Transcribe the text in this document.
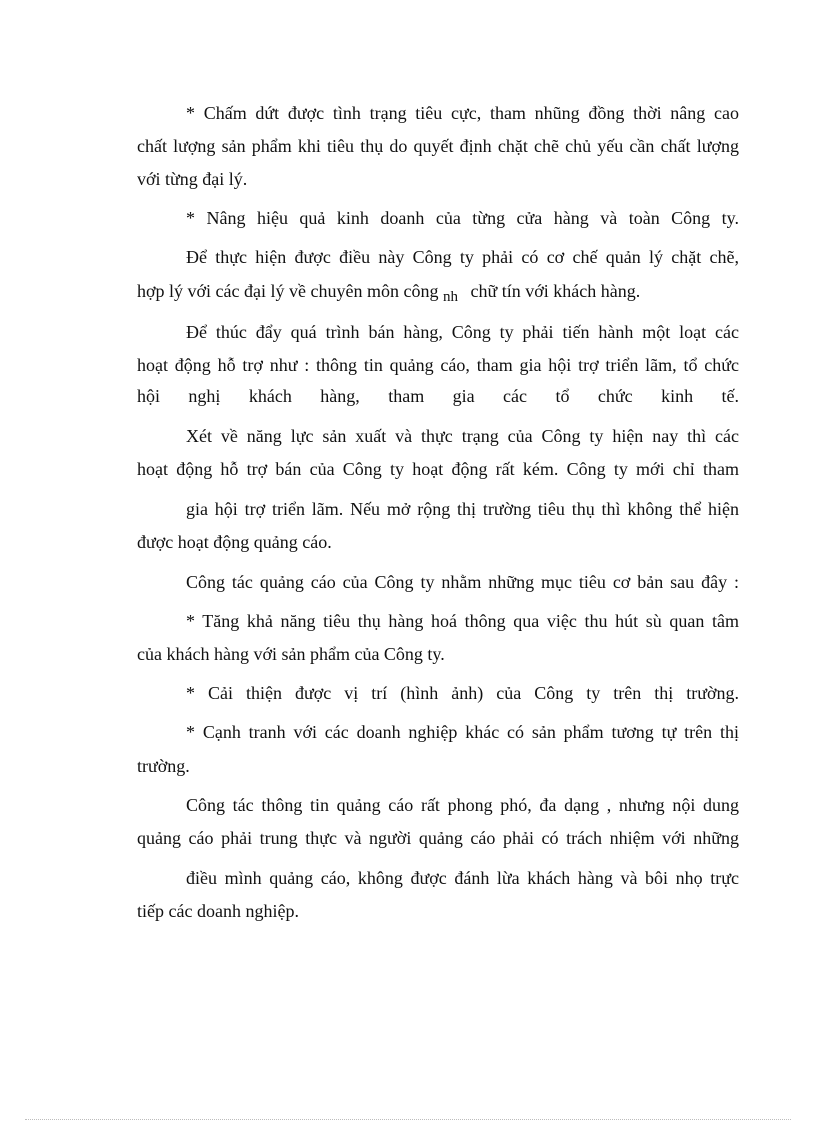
* Chấm dứt được tình trạng tiêu cực, tham nhũng đồng thời nâng cao

chất lượng sản phẩm khi tiêu thụ do quyết định chặt chẽ chủ yếu cần chất lượng với từng đại lý.

* Nâng hiệu quả kinh doanh của từng cửa hàng và toàn Công ty.

Để thực hiện được điều này Công ty phải có cơ chế quản lý chặt chẽ,

hợp lý với các đại lý về chuyên môn công $_{nh}$ chữ tín với khách hàng.

Để thúc đẩy quá trình bán hàng, Công ty phải tiến hành một loạt các

hoạt động hỗ trợ như : thông tin quảng cáo, tham gia hội trợ triển lãm, tổ chức

hội nghị khách hàng, tham gia các tổ chức kinh tế.

Xét về năng lực sản xuất và thực trạng của Công ty hiện nay thì các

hoạt động hỗ trợ bán của Công ty hoạt động rất kém. Công ty mới chỉ tham

gia hội trợ triển lãm. Nếu mở rộng thị trường tiêu thụ thì không thể hiện

được hoạt động quảng cáo.

Công tác quảng cáo của Công ty nhằm những mục tiêu cơ bản sau đây :

* Tăng khả năng tiêu thụ hàng hoá thông qua việc thu hút sù quan tâm

của khách hàng với sản phẩm của Công ty.

* Cải thiện được vị trí (hình ảnh) của Công ty trên thị trường.

* Cạnh tranh với các doanh nghiệp khác có sản phẩm tương tự trên thị

trường.

Công tác thông tin quảng cáo rất phong phó, đa dạng , nhưng nội dung

quảng cáo phải trung thực và người quảng cáo phải có trách nhiệm với những

điều mình quảng cáo, không được đánh lừa khách hàng và bôi nhọ trực

tiếp các doanh nghiệp.
